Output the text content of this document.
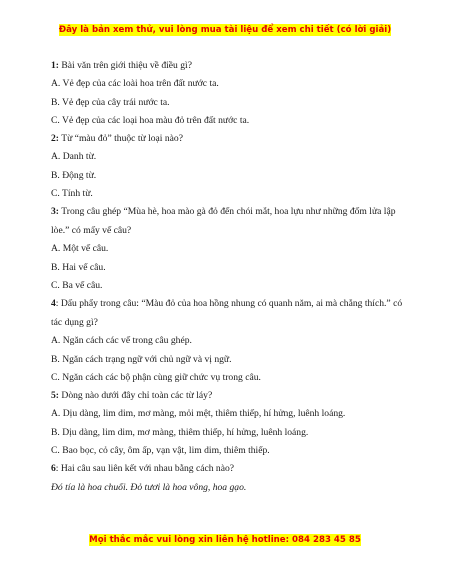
Đây là bản xem thử, vui lòng mua tài liệu để xem chi tiết (có lời giải)
1: Bài văn trên giới thiệu về điều gì?
A. Vẻ đẹp của các loài hoa trên đất nước ta.
B. Vẻ đẹp của cây trái nước ta.
C. Vẻ đẹp của các loại hoa màu đỏ trên đất nước ta.
2: Từ “màu đỏ” thuộc từ loại nào?
A. Danh từ.
B. Động từ.
C. Tính từ.
3: Trong câu ghép “Mùa hè, hoa mào gà đỏ đến chói mắt, hoa lựu như những đốm lửa lập lòe.” có mấy vế câu?
A. Một vế câu.
B. Hai vế câu.
C. Ba vế câu.
4: Dấu phẩy trong câu: “Màu đỏ của hoa hồng nhung có quanh năm, ai mà chẳng thích.” có tác dụng gì?
A. Ngăn cách các vế trong câu ghép.
B. Ngăn cách trạng ngữ với chủ ngữ và vị ngữ.
C. Ngăn cách các bộ phận cùng giữ chức vụ trong câu.
5: Dòng nào dưới đây chỉ toàn các từ láy?
A. Dịu dàng, lim dim, mơ màng, mỏi mệt, thiêm thiếp, hí hửng, luênh loáng.
B. Dịu dàng, lim dim, mơ màng, thiêm thiếp, hí hửng, luênh loáng.
C. Bao bọc, cỏ cây, ôm ấp, vạn vật, lim dim, thiêm thiếp.
6: Hai câu sau liên kết với nhau bằng cách nào?
Đó tía là hoa chuối. Đỏ tươi là hoa vông, hoa gạo.
Mọi thắc mắc vui lòng xin liên hệ hotline: 084 283 45 85
